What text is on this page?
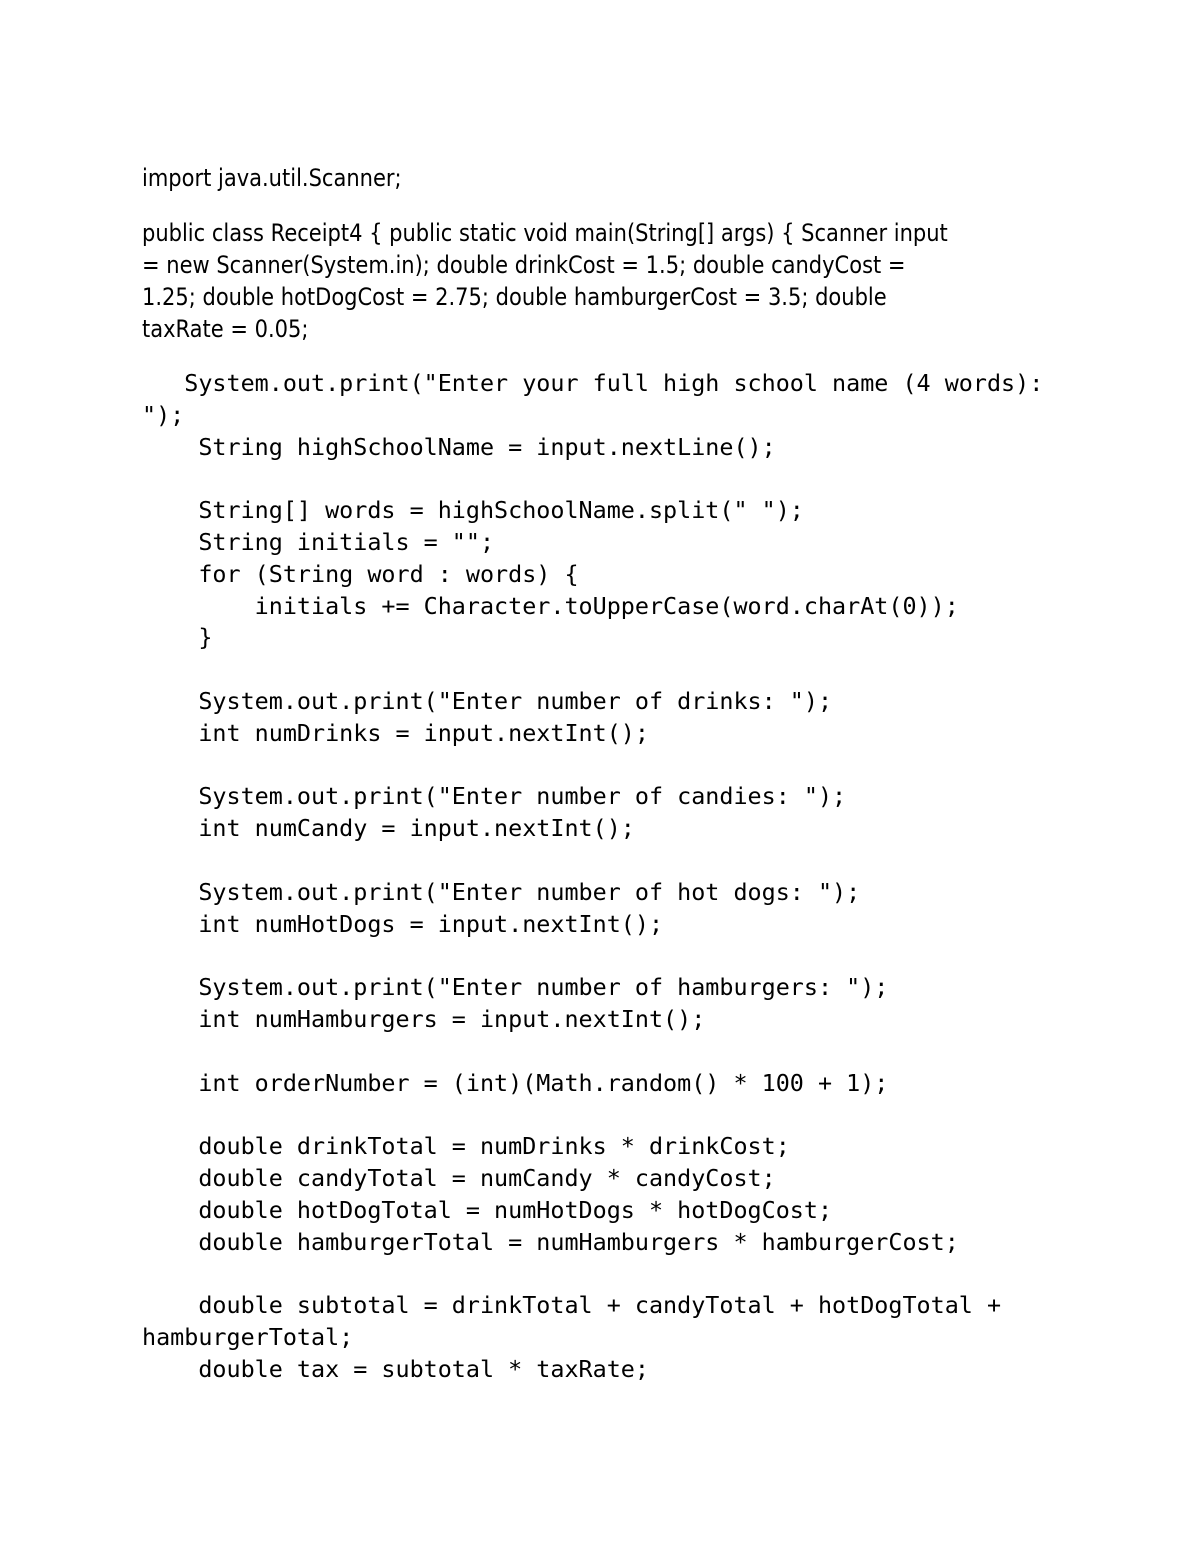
import java.util.Scanner;
public class Receipt4 { public static void main(String[] args) { Scanner input
= new Scanner(System.in); double drinkCost = 1.5; double candyCost =
1.25; double hotDogCost = 2.75; double hamburgerCost = 3.5; double
taxRate = 0.05;
System.out.print("Enter your full high school name (4 words):
");
String highSchoolName = input.nextLine();
String[] words = highSchoolName.split(" ");
String initials = "";
for (String word : words) {
initials += Character.toUpperCase(word.charAt(0));
}
System.out.print("Enter number of drinks: ");
int numDrinks = input.nextInt();
System.out.print("Enter number of candies: ");
int numCandy = input.nextInt();
System.out.print("Enter number of hot dogs: ");
int numHotDogs = input.nextInt();
System.out.print("Enter number of hamburgers: ");
int numHamburgers = input.nextInt();
int orderNumber = (int)(Math.random() * 100 + 1);
double drinkTotal = numDrinks * drinkCost;
double candyTotal = numCandy * candyCost;
double hotDogTotal = numHotDogs * hotDogCost;
double hamburgerTotal = numHamburgers * hamburgerCost;
double subtotal = drinkTotal + candyTotal + hotDogTotal +
hamburgerTotal;
double tax = subtotal * taxRate;
